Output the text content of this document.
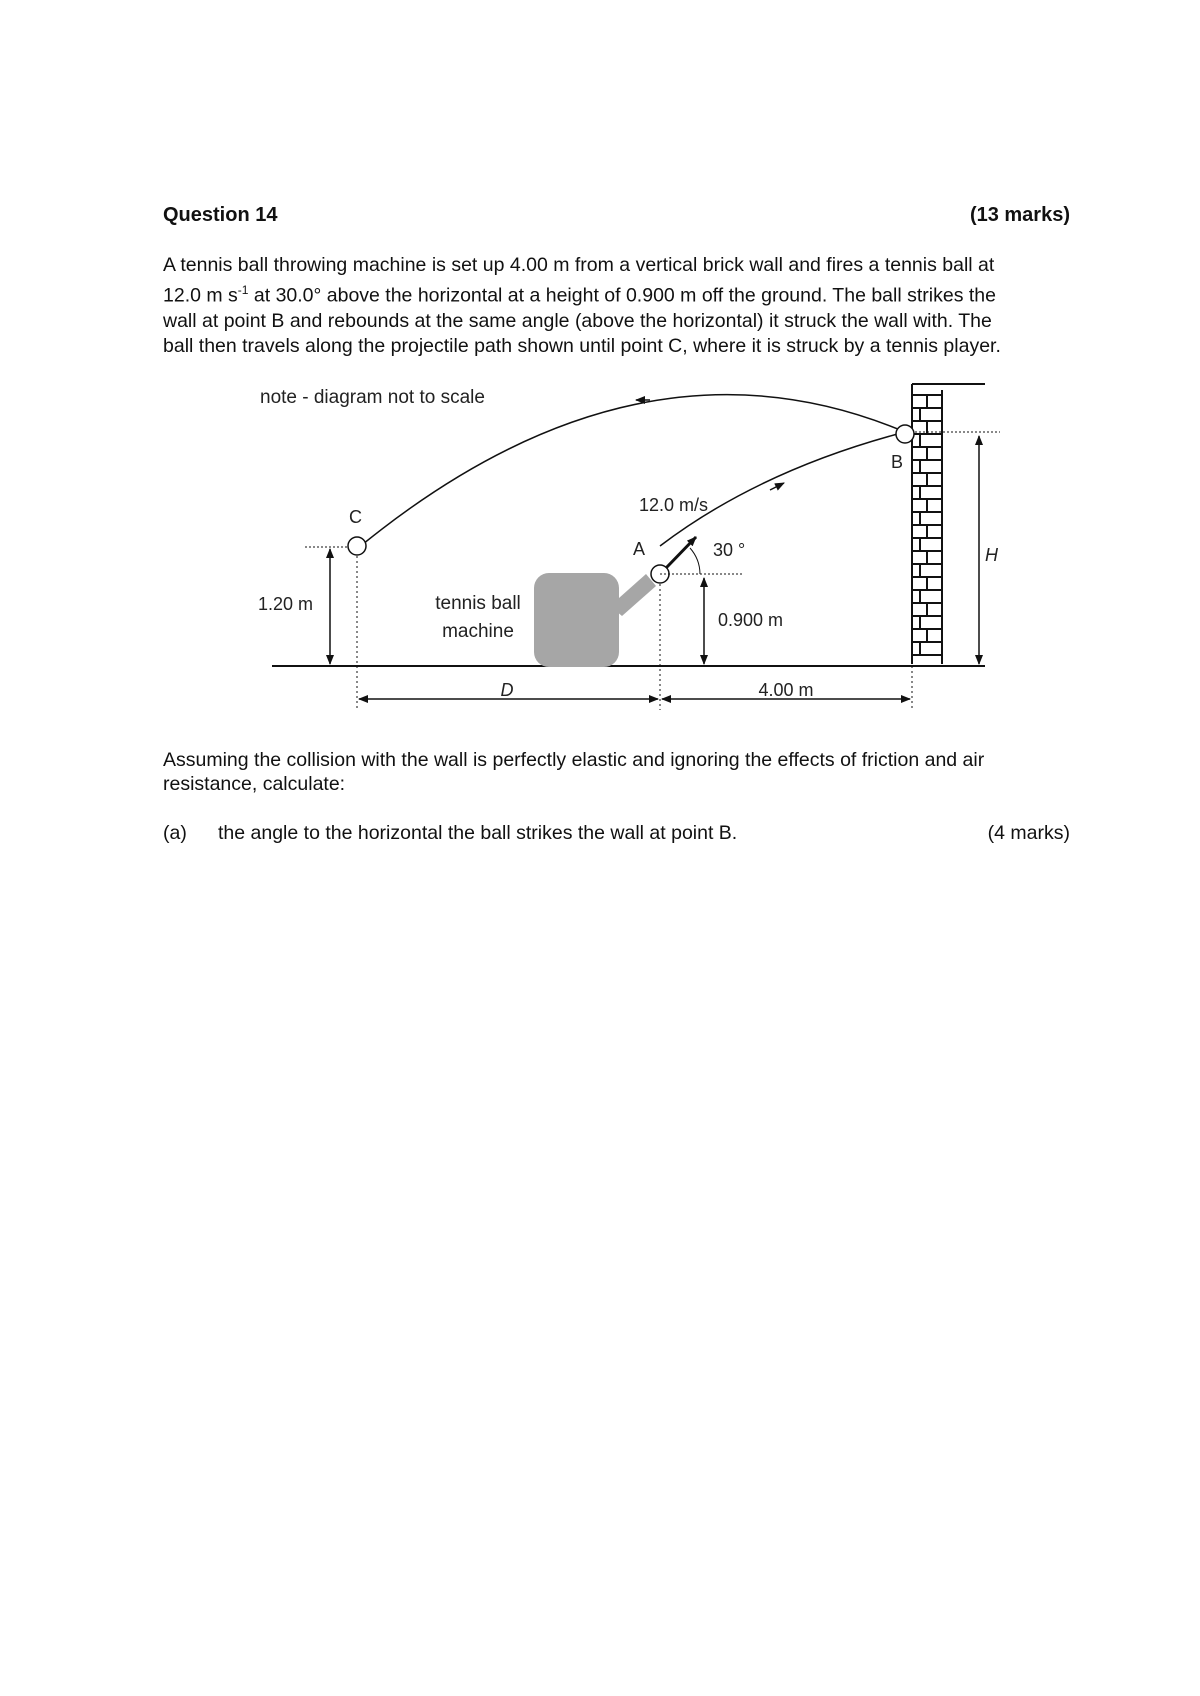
Question 14	(13 marks)

A tennis ball throwing machine is set up 4.00 m from a vertical brick wall and fires a tennis ball at

12.0 m $s^{-1}$ at 30.0° above the horizontal at a height of 0.900 m off the ground. The ball strikes the

wall at point B and rebounds at the same angle (above the horizontal) it struck the wall with. The

ball then travels along the projectile path shown until point C, where it is struck by a tennis player.

note - diagram not to scale
C
A
B
12.0 m/s
30 °
tennis ball
machine
1.20 m
0.900 m
H
D	4.00 m

Assuming the collision with the wall is perfectly elastic and ignoring the effects of friction and air

resistance, calculate:

(a) the angle to the horizontal the ball strikes the wall at point B.	(4 marks)
